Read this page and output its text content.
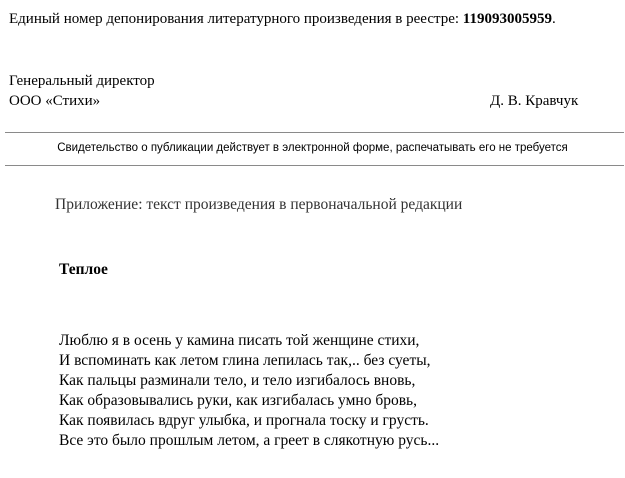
Единый номер депонирования литературного произведения в реестре: 119093005959.
Генеральный директор
ООО «Стихи»	Д. В. Кравчук
Свидетельство о публикации действует в электронной форме, распечатывать его не требуется
Приложение: текст произведения в первоначальной редакции
Теплое
Люблю я в осень у камина писать той женщине стихи,
И вспоминать как летом глина лепилась так,.. без суеты,
Как пальцы разминали тело, и тело изгибалось вновь,
Как образовывались руки, как изгибалась умно бровь,
Как появилась вдруг улыбка, и прогнала тоску и грусть.
Все это было прошлым летом, а греет в слякотную русь...
